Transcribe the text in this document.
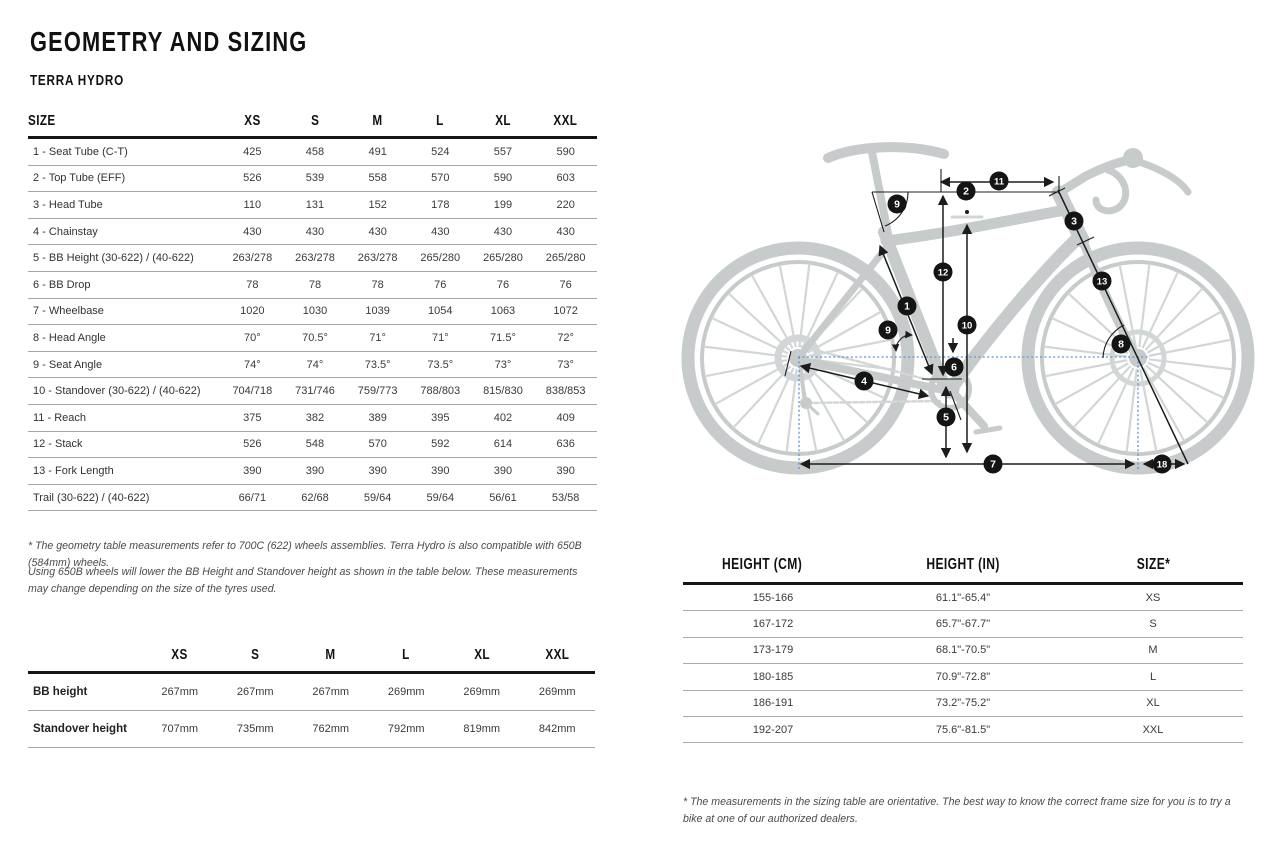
GEOMETRY AND SIZING
TERRA HYDRO
SIZE	XS	S	M	L	XL	XXL
1 - Seat Tube (C-T)	425	458	491	524	557	590
2 - Top Tube (EFF)	526	539	558	570	590	603
3 - Head Tube	110	131	152	178	199	220
4 - Chainstay	430	430	430	430	430	430
5 - BB Height (30-622) / (40-622)	263/278	263/278	263/278	265/280	265/280	265/280
6 - BB Drop	78	78	78	76	76	76
7 - Wheelbase	1020	1030	1039	1054	1063	1072
8 - Head Angle	70°	70.5°	71°	71°	71.5°	72°
9 - Seat Angle	74°	74°	73.5°	73.5°	73°	73°
10 - Standover (30-622) / (40-622)	704/718	731/746	759/773	788/803	815/830	838/853
11 - Reach	375	382	389	395	402	409
12 - Stack	526	548	570	592	614	636
13 - Fork Length	390	390	390	390	390	390
Trail (30-622) / (40-622)	66/71	62/68	59/64	59/64	56/61	53/58

* The geometry table measurements refer to 700C (622) wheels assemblies. Terra Hydro is also compatible with 650B (584mm) wheels.

Using 650B wheels will lower the BB Height and Standover height as shown in the table below. These measurements may change depending on the size of the tyres used.

	XS	S	M	L	XL	XXL
BB height	267mm	267mm	267mm	269mm	269mm	269mm
Standover height	707mm	735mm	762mm	792mm	819mm	842mm
HEIGHT (CM)	HEIGHT (IN)	SIZE*
155-166	61.1"-65.4"	XS
167-172	65.7"-67.7"	S
173-179	68.1"-70.5"	M
180-185	70.9"-72.8"	L
186-191	73.2"-75.2"	XL
192-207	75.6"-81.5"	XXL

* The measurements in the sizing table are orientative. The best way to know the correct frame size for you is to try a bike at one of our authorized dealers.

9
2
11
3
12
13
1
9	10
8
6
4
5
7	18
